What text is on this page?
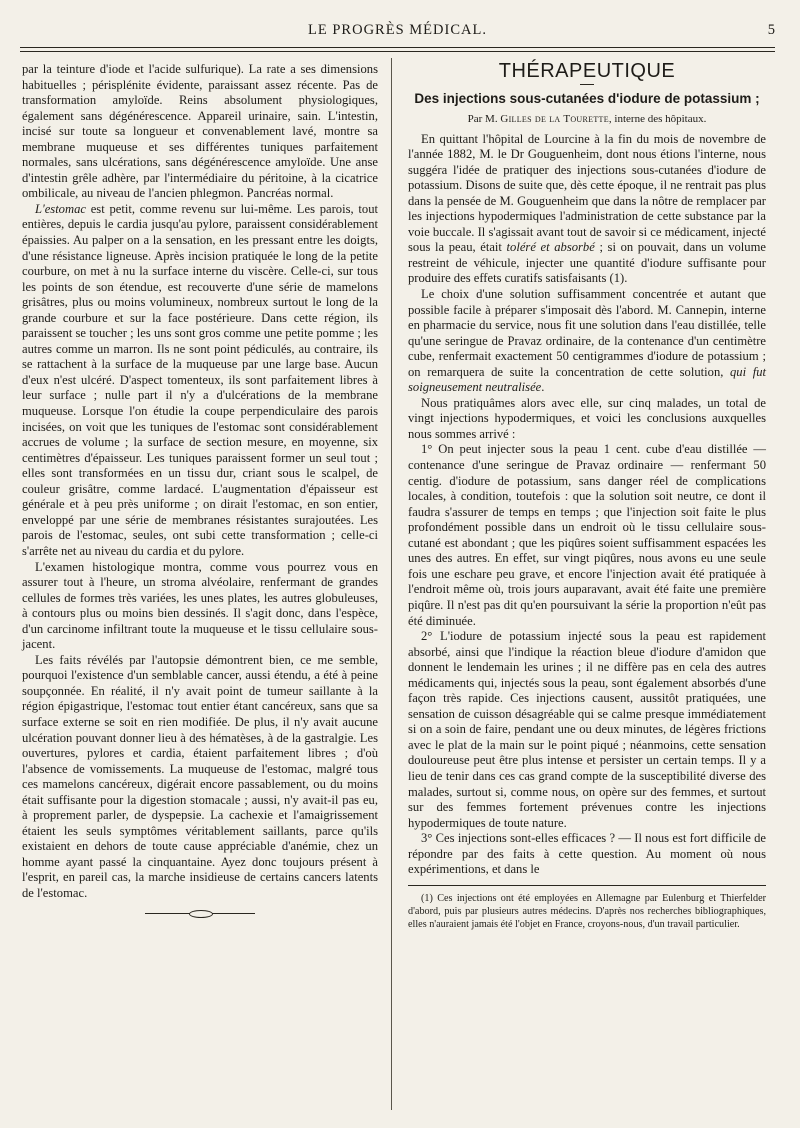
LE PROGRÈS MÉDICAL.	5

par la teinture d'iode et l'acide sulfurique). La rate a ses dimensions habituelles ; périsplénite évidente, paraissant assez récente. Pas de transformation amyloïde. Reins absolument physiologiques, également sans dégénérescence. Appareil urinaire, sain. L'intestin, incisé sur toute sa longueur et convenablement lavé, montre sa membrane muqueuse et ses différentes tuniques parfaitement normales, sans ulcérations, sans dégénérescence amyloïde. Une anse d'intestin grêle adhère, par l'intermédiaire du péritoine, à la cicatrice ombilicale, au niveau de l'ancien phlegmon. Pancréas normal.

L'estomac est petit, comme revenu sur lui-même. Les parois, tout entières, depuis le cardia jusqu'au pylore, paraissent considérablement épaissies. Au palper on a la sensation, en les pressant entre les doigts, d'une résistance ligneuse. Après incision pratiquée le long de la petite courbure, on met à nu la surface interne du viscère. Celle-ci, sur tous les points de son étendue, est recouverte d'une série de mamelons grisâtres, plus ou moins volumineux, nombreux surtout le long de la grande courbure et sur la face postérieure. Dans cette région, ils paraissent se toucher ; les uns sont gros comme une petite pomme ; les autres comme un marron. Ils ne sont point pédiculés, au contraire, ils se rattachent à la surface de la muqueuse par une large base. Aucun d'eux n'est ulcéré. D'aspect tomenteux, ils sont parfaitement libres à leur surface ; nulle part il n'y a d'ulcérations de la membrane muqueuse. Lorsque l'on étudie la coupe perpendiculaire des parois incisées, on voit que les tuniques de l'estomac sont considérablement accrues de volume ; la surface de section mesure, en moyenne, six centimètres d'épaisseur. Les tuniques paraissent former un seul tout ; elles sont transformées en un tissu dur, criant sous le scalpel, de couleur grisâtre, comme lardacé. L'augmentation d'épaisseur est générale et à peu près uniforme ; on dirait l'estomac, en son entier, enveloppé par une série de membranes résistantes surajoutées. Les parois de l'estomac, seules, ont subi cette transformation ; celle-ci s'arrête net au niveau du cardia et du pylore.

L'examen histologique montra, comme vous pourrez vous en assurer tout à l'heure, un stroma alvéolaire, renfermant de grandes cellules de formes très variées, les unes plates, les autres globuleuses, à contours plus ou moins bien dessinés. Il s'agit donc, dans l'espèce, d'un carcinome infiltrant toute la muqueuse et le tissu cellulaire sous-jacent.

Les faits révélés par l'autopsie démontrent bien, ce me semble, pourquoi l'existence d'un semblable cancer, aussi étendu, a été à peine soupçonnée. En réalité, il n'y avait point de tumeur saillante à la région épigastrique, l'estomac tout entier étant cancéreux, sans que sa surface externe se soit en rien modifiée. De plus, il n'y avait aucune ulcération pouvant donner lieu à des hématèses, à de la gastralgie. Les ouvertures, pylores et cardia, étaient parfaitement libres ; d'où l'absence de vomissements. La muqueuse de l'estomac, malgré tous ces mamelons cancéreux, digérait encore passablement, ou du moins était suffisante pour la digestion stomacale ; aussi, n'y avait-il pas eu, à proprement parler, de dyspepsie. La cachexie et l'amaigrissement étaient les seuls symptômes véritablement saillants, parce qu'ils existaient en dehors de toute cause appréciable d'anémie, chez un homme ayant passé la cinquantaine. Ayez donc toujours présent à l'esprit, en pareil cas, la marche insidieuse de certains cancers latents de l'estomac.

THÉRAPEUTIQUE
Des injections sous-cutanées d'iodure de potassium ;
Par M. Gilles de la Tourette, interne des hôpitaux.

En quittant l'hôpital de Lourcine à la fin du mois de novembre de l'année 1882, M. le Dr Gouguenheim, dont nous étions l'interne, nous suggéra l'idée de pratiquer des injections sous-cutanées d'iodure de potassium. Disons de suite que, dès cette époque, il ne rentrait pas plus dans la pensée de M. Gouguenheim que dans la nôtre de remplacer par les injections hypodermiques l'administration de cette substance par la voie buccale. Il s'agissait avant tout de savoir si ce médicament, injecté sous la peau, était toléré et absorbé ; si on pouvait, dans un volume restreint de véhicule, injecter une quantité d'iodure suffisante pour produire des effets curatifs satisfaisants (1).

Le choix d'une solution suffisamment concentrée et autant que possible facile à préparer s'imposait dès l'abord. M. Cannepin, interne en pharmacie du service, nous fit une solution dans l'eau distillée, telle qu'une seringue de Pravaz ordinaire, de la contenance d'un centimètre cube, renfermait exactement 50 centigrammes d'iodure de potassium ; on remarquera de suite la concentration de cette solution, qui fut soigneusement neutralisée.

Nous pratiquâmes alors avec elle, sur cinq malades, un total de vingt injections hypodermiques, et voici les conclusions auxquelles nous sommes arrivé :

1° On peut injecter sous la peau 1 cent. cube d'eau distillée — contenance d'une seringue de Pravaz ordinaire — renfermant 50 centig. d'iodure de potassium, sans danger réel de complications locales, à condition, toutefois : que la solution soit neutre, ce dont il faudra s'assurer de temps en temps ; que l'injection soit faite le plus profondément possible dans un endroit où le tissu cellulaire sous-cutané est abondant ; que les piqûres soient suffisamment espacées les unes des autres. En effet, sur vingt piqûres, nous avons eu une seule fois une eschare peu grave, et encore l'injection avait été pratiquée à l'endroit même où, trois jours auparavant, avait été faite une première piqûre. Il n'est pas dit qu'en poursuivant la série la proportion n'eût pas été diminuée.

2° L'iodure de potassium injecté sous la peau est rapidement absorbé, ainsi que l'indique la réaction bleue d'iodure d'amidon que donnent le lendemain les urines ; il ne diffère pas en cela des autres médicaments qui, injectés sous la peau, sont également absorbés d'une façon très rapide. Ces injections causent, aussitôt pratiquées, une sensation de cuisson désagréable qui se calme presque immédiatement si on a soin de faire, pendant une ou deux minutes, de légères frictions avec le plat de la main sur le point piqué ; néanmoins, cette sensation douloureuse peut être plus intense et persister un certain temps. Il y a lieu de tenir dans ces cas grand compte de la susceptibilité diverse des malades, surtout si, comme nous, on opère sur des femmes, et surtout sur des femmes fortement prévenues contre les injections hypodermiques de toute nature.

3° Ces injections sont-elles efficaces ? — Il nous est fort difficile de répondre par des faits à cette question. Au moment où nous expérimentions, et dans le

(1) Ces injections ont été employées en Allemagne par Eulenburg et Thierfelder d'abord, puis par plusieurs autres médecins. D'après nos recherches bibliographiques, elles n'auraient jamais été l'objet en France, croyons-nous, d'un travail particulier.
